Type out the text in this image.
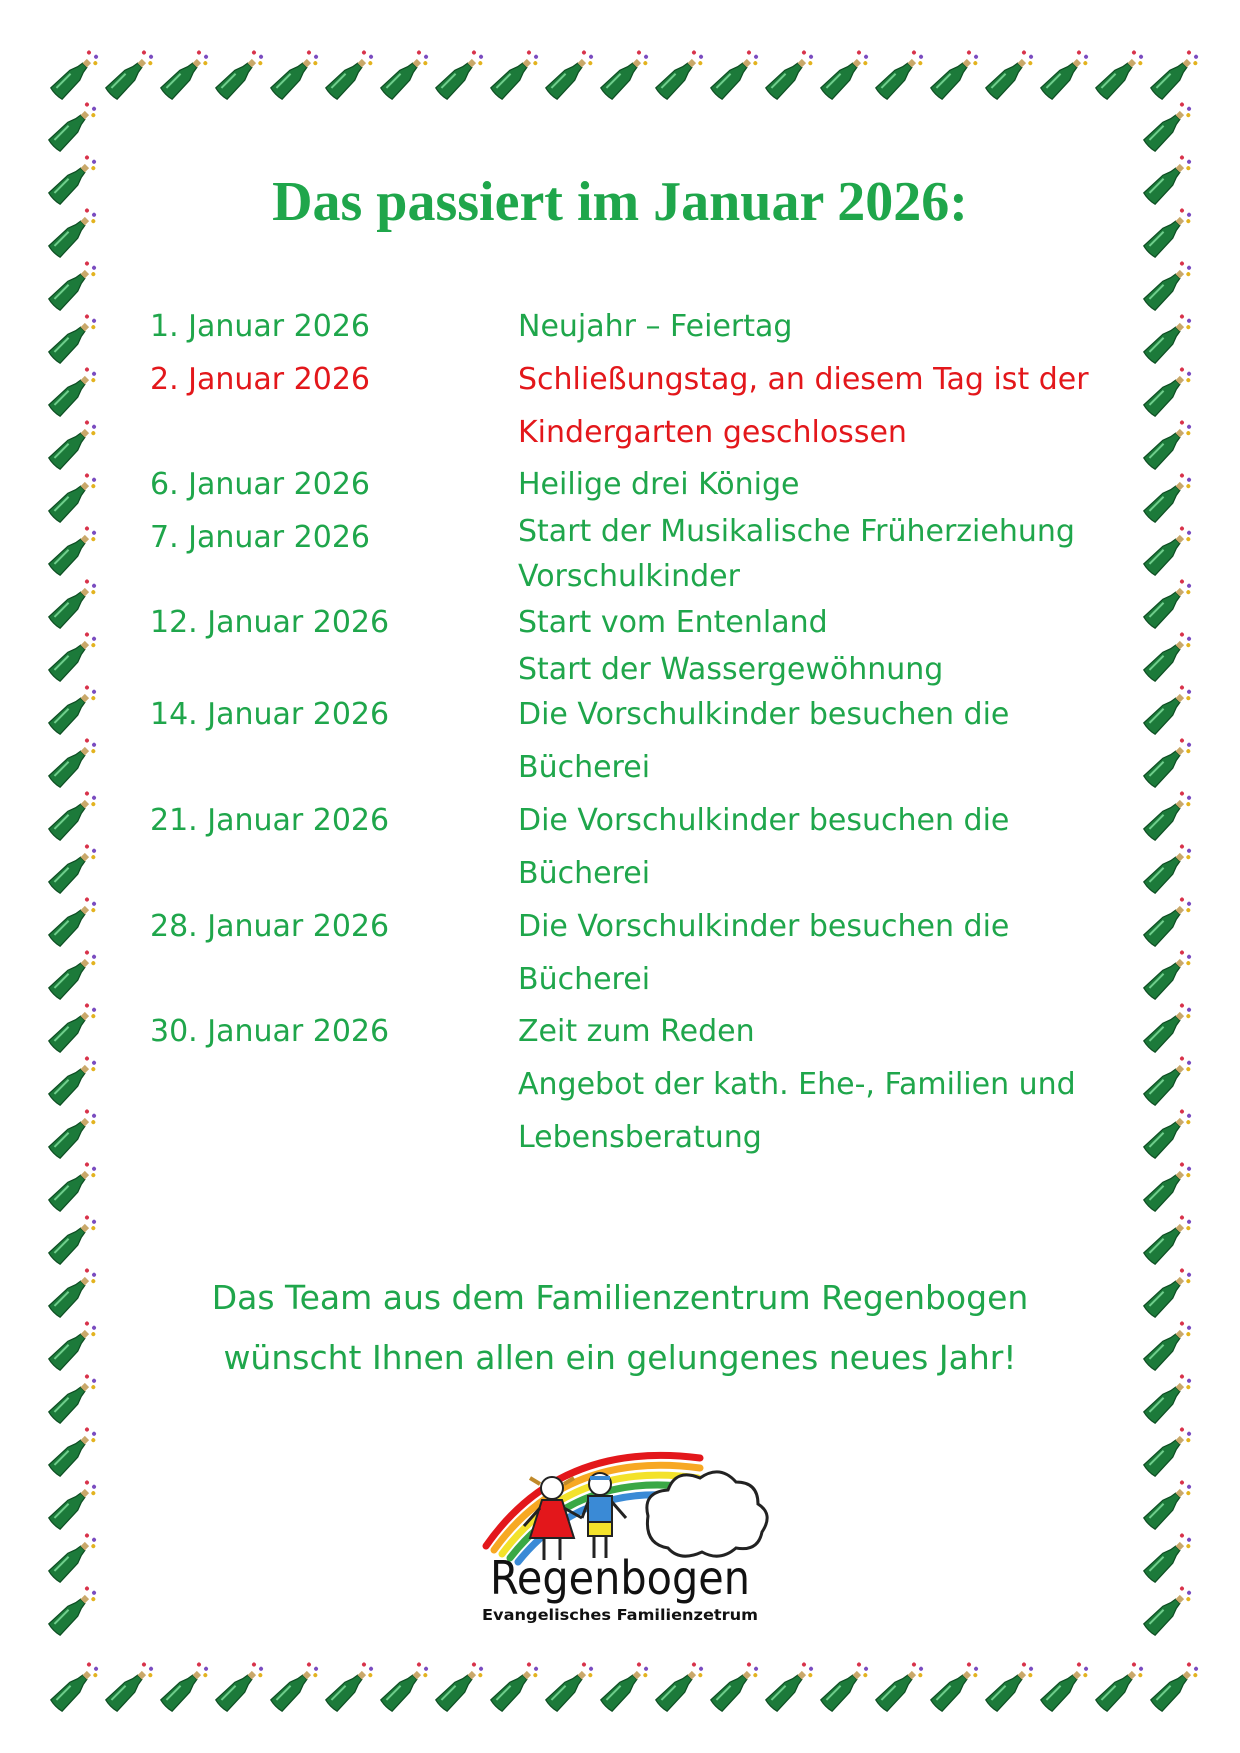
Das passiert im Januar 2026:
1. Januar 2026	Neujahr – Feiertag
2. Januar 2026	Schließungstag, an diesem Tag ist der
Kindergarten geschlossen
6. Januar 2026	Heilige drei Könige
7. Januar 2026	Start der Musikalische Früherziehung
Vorschulkinder
12. Januar 2026	Start vom Entenland
Start der Wassergewöhnung
14. Januar 2026	Die Vorschulkinder besuchen die
Bücherei
21. Januar 2026	Die Vorschulkinder besuchen die
Bücherei
28. Januar 2026	Die Vorschulkinder besuchen die
Bücherei
30. Januar 2026	Zeit zum Reden
Angebot der kath. Ehe-, Familien und
Lebensberatung
Das Team aus dem Familienzentrum Regenbogen
wünscht Ihnen allen ein gelungenes neues Jahr!
Regenbogen
Evangelisches Familienzetrum
